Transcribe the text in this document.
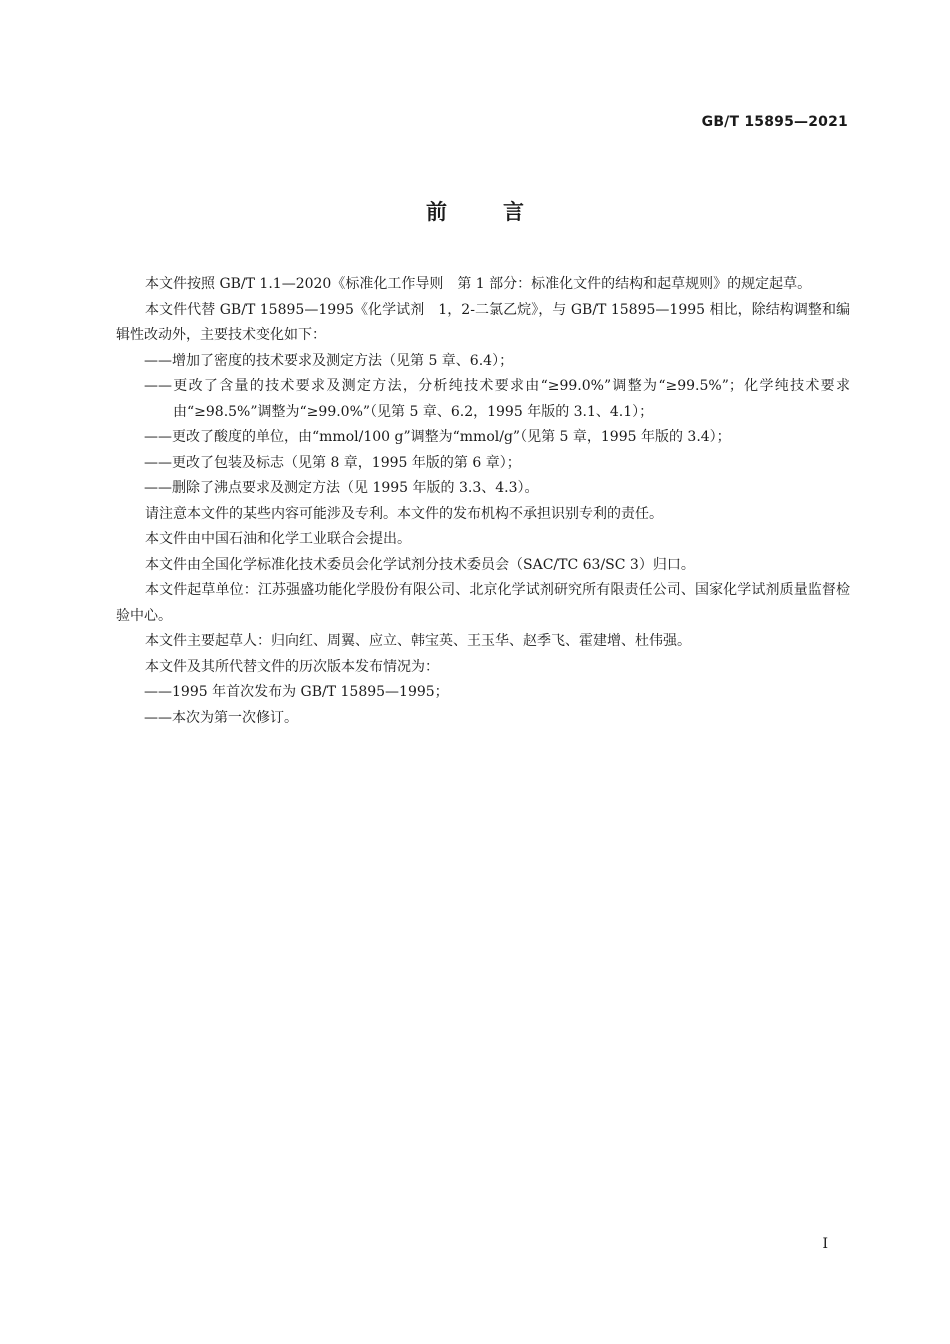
GB/T 15895—2021
前言

本文件按照 GB/T 1.1—2020《标准化工作导则　第 1 部分：标准化文件的结构和起草规则》的规定起草。

本文件代替 GB/T 15895—1995《化学试剂　1，2-二氯乙烷》，与 GB/T 15895—1995 相比，除结构调整和编辑性改动外，主要技术变化如下：

——增加了密度的技术要求及测定方法（见第 5 章、6.4）；

——更改了含量的技术要求及测定方法，分析纯技术要求由“≥99.0%”调整为“≥99.5%”；化学纯技术要求由“≥98.5%”调整为“≥99.0%”（见第 5 章、6.2，1995 年版的 3.1、4.1）；

——更改了酸度的单位，由“mmol/100 g”调整为“mmol/g”（见第 5 章，1995 年版的 3.4）；

——更改了包装及标志（见第 8 章，1995 年版的第 6 章）；

——删除了沸点要求及测定方法（见 1995 年版的 3.3、4.3）。

请注意本文件的某些内容可能涉及专利。本文件的发布机构不承担识别专利的责任。

本文件由中国石油和化学工业联合会提出。

本文件由全国化学标准化技术委员会化学试剂分技术委员会（SAC/TC 63/SC 3）归口。

本文件起草单位：江苏强盛功能化学股份有限公司、北京化学试剂研究所有限责任公司、国家化学试剂质量监督检验中心。

本文件主要起草人：归向红、周翼、应立、韩宝英、王玉华、赵季飞、霍建增、杜伟强。

本文件及其所代替文件的历次版本发布情况为：

——1995 年首次发布为 GB/T 15895—1995；

——本次为第一次修订。

I
